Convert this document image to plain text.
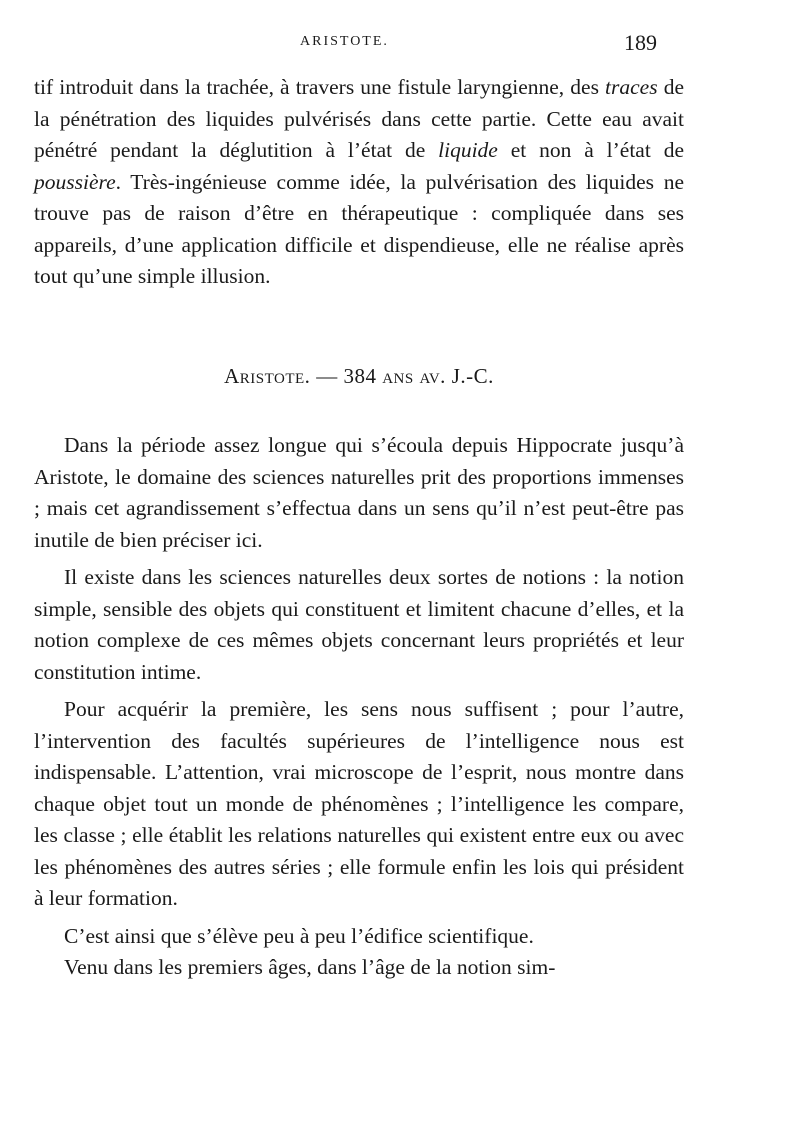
ARISTOTE.	189

tif introduit dans la trachée, à travers une fistule laryngienne, des traces de la pénétration des liquides pulvérisés dans cette partie. Cette eau avait pénétré pendant la déglutition à l’état de liquide et non à l’état de poussière. Très-ingénieuse comme idée, la pulvérisation des liquides ne trouve pas de raison d’être en thérapeutique : compliquée dans ses appareils, d’une application difficile et dispendieuse, elle ne réalise après tout qu’une simple illusion.

Aristote. — 384 ans av. J.-C.

Dans la période assez longue qui s’écoula depuis Hippocrate jusqu’à Aristote, le domaine des sciences naturelles prit des proportions immenses ; mais cet agrandissement s’effectua dans un sens qu’il n’est peut-être pas inutile de bien préciser ici.

Il existe dans les sciences naturelles deux sortes de notions : la notion simple, sensible des objets qui constituent et limitent chacune d’elles, et la notion complexe de ces mêmes objets concernant leurs propriétés et leur constitution intime.

Pour acquérir la première, les sens nous suffisent ; pour l’autre, l’intervention des facultés supérieures de l’intelligence nous est indispensable. L’attention, vrai microscope de l’esprit, nous montre dans chaque objet tout un monde de phénomènes ; l’intelligence les compare, les classe ; elle établit les relations naturelles qui existent entre eux ou avec les phénomènes des autres séries ; elle formule enfin les lois qui président à leur formation.

C’est ainsi que s’élève peu à peu l’édifice scientifique.

Venu dans les premiers âges, dans l’âge de la notion sim-
